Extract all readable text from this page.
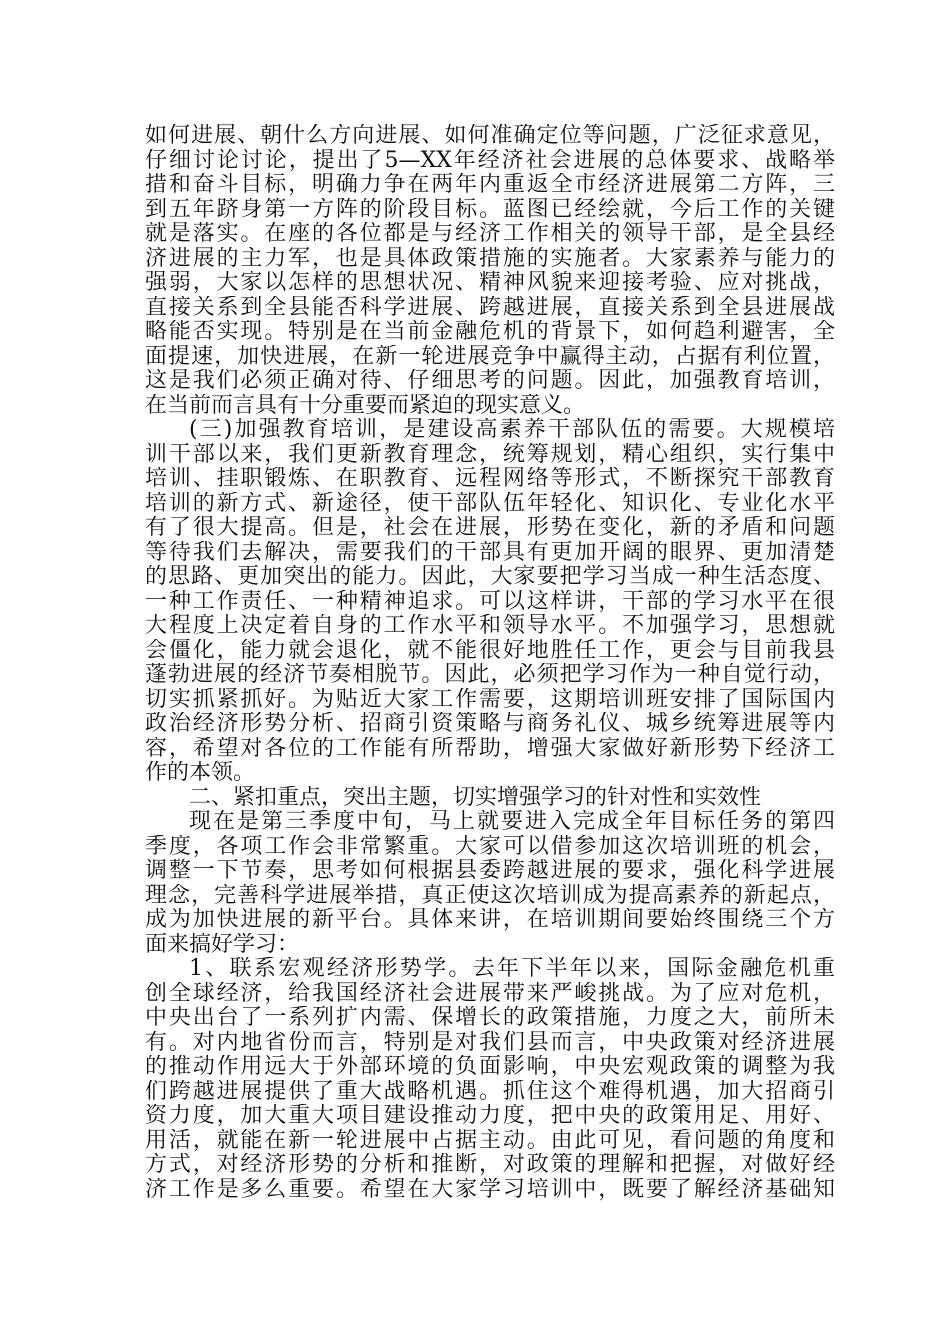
如何进展、朝什么方向进展、如何准确定位等问题，广泛征求意见，
仔细讨论讨论，提出了5—XX年经济社会进展的总体要求、战略举
措和奋斗目标，明确力争在两年内重返全市经济进展第二方阵，三
到五年跻身第一方阵的阶段目标。蓝图已经绘就，今后工作的关键
就是落实。在座的各位都是与经济工作相关的领导干部，是全县经
济进展的主力军，也是具体政策措施的实施者。大家素养与能力的
强弱，大家以怎样的思想状况、精神风貌来迎接考验、应对挑战，
直接关系到全县能否科学进展、跨越进展，直接关系到全县进展战
略能否实现。特别是在当前金融危机的背景下，如何趋利避害，全
面提速，加快进展，在新一轮进展竞争中赢得主动，占据有利位置，
这是我们必须正确对待、仔细思考的问题。因此，加强教育培训，
在当前而言具有十分重要而紧迫的现实意义。
(三)加强教育培训，是建设高素养干部队伍的需要。大规模培
训干部以来，我们更新教育理念，统筹规划，精心组织，实行集中
培训、挂职锻炼、在职教育、远程网络等形式，不断探究干部教育
培训的新方式、新途径，使干部队伍年轻化、知识化、专业化水平
有了很大提高。但是，社会在进展，形势在变化，新的矛盾和问题
等待我们去解决，需要我们的干部具有更加开阔的眼界、更加清楚
的思路、更加突出的能力。因此，大家要把学习当成一种生活态度、
一种工作责任、一种精神追求。可以这样讲，干部的学习水平在很
大程度上决定着自身的工作水平和领导水平。不加强学习，思想就
会僵化，能力就会退化，就不能很好地胜任工作，更会与目前我县
蓬勃进展的经济节奏相脱节。因此，必须把学习作为一种自觉行动，
切实抓紧抓好。为贴近大家工作需要，这期培训班安排了国际国内
政治经济形势分析、招商引资策略与商务礼仪、城乡统筹进展等内
容，希望对各位的工作能有所帮助，增强大家做好新形势下经济工
作的本领。
二、紧扣重点，突出主题，切实增强学习的针对性和实效性
现在是第三季度中旬，马上就要进入完成全年目标任务的第四
季度，各项工作会非常繁重。大家可以借参加这次培训班的机会，
调整一下节奏，思考如何根据县委跨越进展的要求，强化科学进展
理念，完善科学进展举措，真正使这次培训成为提高素养的新起点，
成为加快进展的新平台。具体来讲，在培训期间要始终围绕三个方
面来搞好学习：
1、联系宏观经济形势学。去年下半年以来，国际金融危机重
创全球经济，给我国经济社会进展带来严峻挑战。为了应对危机，
中央出台了一系列扩内需、保增长的政策措施，力度之大，前所未
有。对内地省份而言，特别是对我们县而言，中央政策对经济进展
的推动作用远大于外部环境的负面影响，中央宏观政策的调整为我
们跨越进展提供了重大战略机遇。抓住这个难得机遇，加大招商引
资力度，加大重大项目建设推动力度，把中央的政策用足、用好、
用活，就能在新一轮进展中占据主动。由此可见，看问题的角度和
方式，对经济形势的分析和推断，对政策的理解和把握，对做好经
济工作是多么重要。希望在大家学习培训中，既要了解经济基础知
